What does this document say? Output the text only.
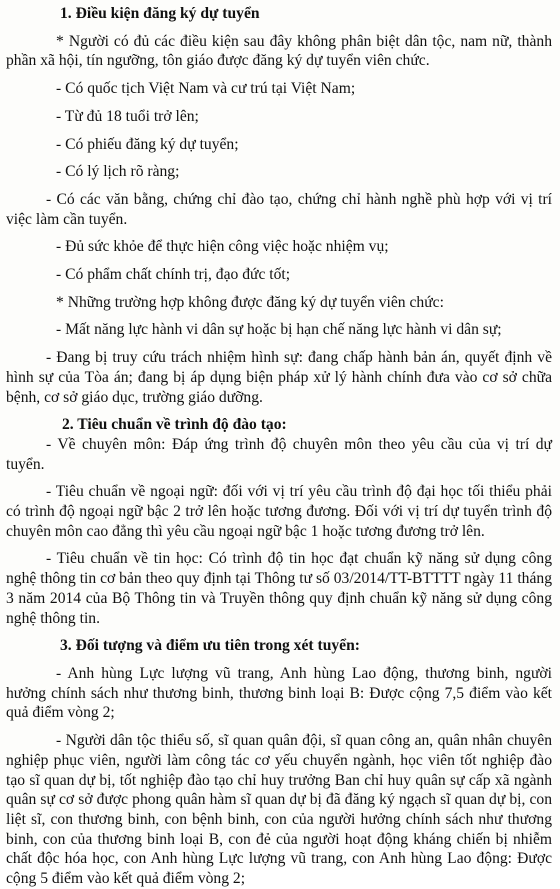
1. Điều kiện đăng ký dự tuyển

* Người có đủ các điều kiện sau đây không phân biệt dân tộc, nam nữ, thành phần xã hội, tín ngưỡng, tôn giáo được đăng ký dự tuyển viên chức.

- Có quốc tịch Việt Nam và cư trú tại Việt Nam;

- Từ đủ 18 tuổi trở lên;

- Có phiếu đăng ký dự tuyển;

- Có lý lịch rõ ràng;

- Có các văn bằng, chứng chỉ đào tạo, chứng chỉ hành nghề phù hợp với vị trí việc làm cần tuyển.

- Đủ sức khỏe để thực hiện công việc hoặc nhiệm vụ;

- Có phẩm chất chính trị, đạo đức tốt;

* Những trường hợp không được đăng ký dự tuyển viên chức:

- Mất năng lực hành vi dân sự hoặc bị hạn chế năng lực hành vi dân sự;

- Đang bị truy cứu trách nhiệm hình sự: đang chấp hành bản án, quyết định về hình sự của Tòa án; đang bị áp dụng biện pháp xử lý hành chính đưa vào cơ sở chữa bệnh, cơ sở giáo dục, trường giáo dưỡng.

2. Tiêu chuẩn về trình độ đào tạo:

- Về chuyên môn: Đáp ứng trình độ chuyên môn theo yêu cầu của vị trí dự tuyển.

- Tiêu chuẩn về ngoại ngữ: đối với vị trí yêu cầu trình độ đại học tối thiểu phải có trình độ ngoại ngữ bậc 2 trở lên hoặc tương đương. Đối với vị trí dự tuyển trình độ chuyên môn cao đẳng thì yêu cầu ngoại ngữ bậc 1 hoặc tương đương trở lên.

- Tiêu chuẩn về tin học: Có trình độ tin học đạt chuẩn kỹ năng sử dụng công nghệ thông tin cơ bản theo quy định tại Thông tư số 03/2014/TT-BTTTT ngày 11 tháng 3 năm 2014 của Bộ Thông tin và Truyền thông quy định chuẩn kỹ năng sử dụng công nghệ thông tin.

3. Đối tượng và điểm ưu tiên trong xét tuyển:

- Anh hùng Lực lượng vũ trang, Anh hùng Lao động, thương binh, người hưởng chính sách như thương binh, thương binh loại B: Được cộng 7,5 điểm vào kết quả điểm vòng 2;

- Người dân tộc thiểu số, sĩ quan quân đội, sĩ quan công an, quân nhân chuyên nghiệp phục viên, người làm công tác cơ yếu chuyển ngành, học viên tốt nghiệp đào tạo sĩ quan dự bị, tốt nghiệp đào tạo chỉ huy trưởng Ban chỉ huy quân sự cấp xã ngành quân sự cơ sở được phong quân hàm sĩ quan dự bị đã đăng ký ngạch sĩ quan dự bị, con liệt sĩ, con thương binh, con bệnh binh, con của người hưởng chính sách như thương binh, con của thương binh loại B, con đẻ của người hoạt động kháng chiến bị nhiễm chất độc hóa học, con Anh hùng Lực lượng vũ trang, con Anh hùng Lao động: Được cộng 5 điểm vào kết quả điểm vòng 2;
